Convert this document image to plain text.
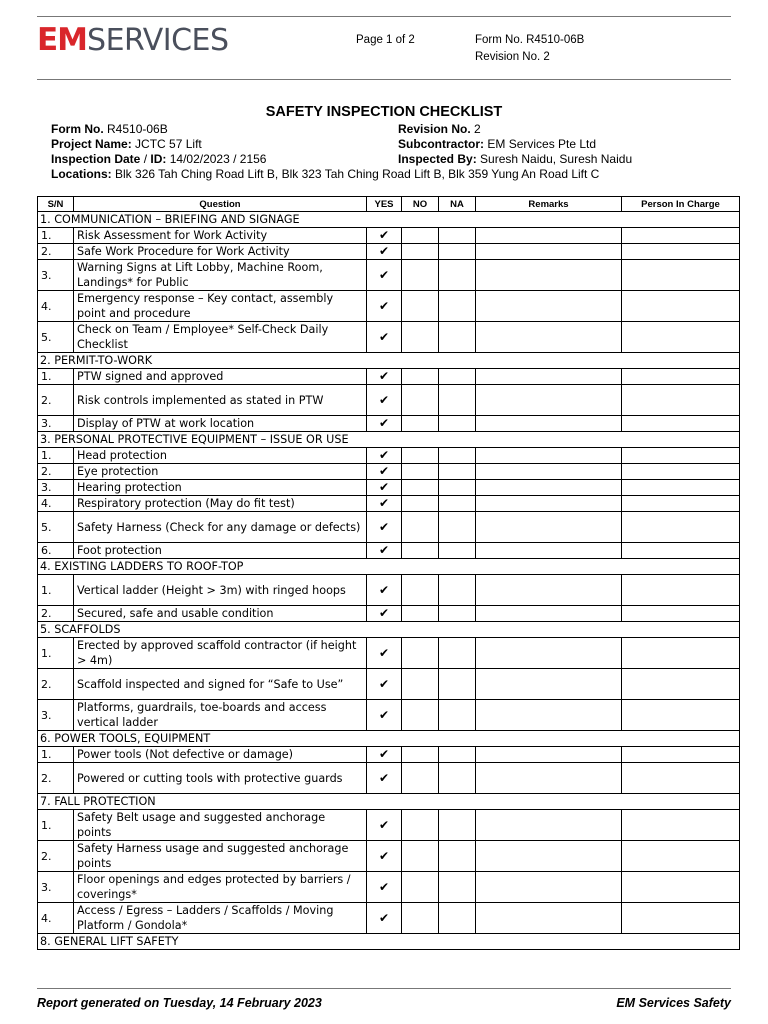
EM SERVICES	Page 1 of 2	Form No. R4510-06B
Revision No. 2
SAFETY INSPECTION CHECKLIST
Form No. R4510-06B	Revision No. 2
Project Name: JCTC 57 Lift	Subcontractor: EM Services Pte Ltd
Inspection Date / ID: 14/02/2023 / 2156	Inspected By: Suresh Naidu, Suresh Naidu
Locations: Blk 326 Tah Ching Road Lift B, Blk 323 Tah Ching Road Lift B, Blk 359 Yung An Road Lift C
S/N	Question	YES	NO	NA	Remarks	Person In Charge
1. COMMUNICATION – BRIEFING AND SIGNAGE						
1.	Risk Assessment for Work Activity	✔				
2.	Safe Work Procedure for Work Activity	✔				
3.	Warning Signs at Lift Lobby, Machine Room, Landings* for Public	✔				
4.	Emergency response – Key contact, assembly point and procedure	✔				
5.	Check on Team / Employee* Self-Check Daily Checklist	✔				
2. PERMIT-TO-WORK						
1.	PTW signed and approved	✔				
2.	Risk controls implemented as stated in PTW	✔				
3.	Display of PTW at work location	✔				
3. PERSONAL PROTECTIVE EQUIPMENT – ISSUE OR USE						
1.	Head protection	✔				
2.	Eye protection	✔				
3.	Hearing protection	✔				
4.	Respiratory protection (May do fit test)	✔				
5.	Safety Harness (Check for any damage or defects)	✔				
6.	Foot protection	✔				
4. EXISTING LADDERS TO ROOF-TOP						
1.	Vertical ladder (Height > 3m) with ringed hoops	✔				
2.	Secured, safe and usable condition	✔				
5. SCAFFOLDS						
1.	Erected by approved scaffold contractor (if height > 4m)	✔				
2.	Scaffold inspected and signed for “Safe to Use”	✔				
3.	Platforms, guardrails, toe-boards and access vertical ladder	✔				
6. POWER TOOLS, EQUIPMENT						
1.	Power tools (Not defective or damage)	✔				
2.	Powered or cutting tools with protective guards	✔				
7. FALL PROTECTION						
1.	Safety Belt usage and suggested anchorage points	✔				
2.	Safety Harness usage and suggested anchorage points	✔				
3.	Floor openings and edges protected by barriers / coverings*	✔				
4.	Access / Egress – Ladders / Scaffolds / Moving Platform / Gondola*	✔				
8. GENERAL LIFT SAFETY						
Report generated on Tuesday, 14 February 2023	EM Services Safety
